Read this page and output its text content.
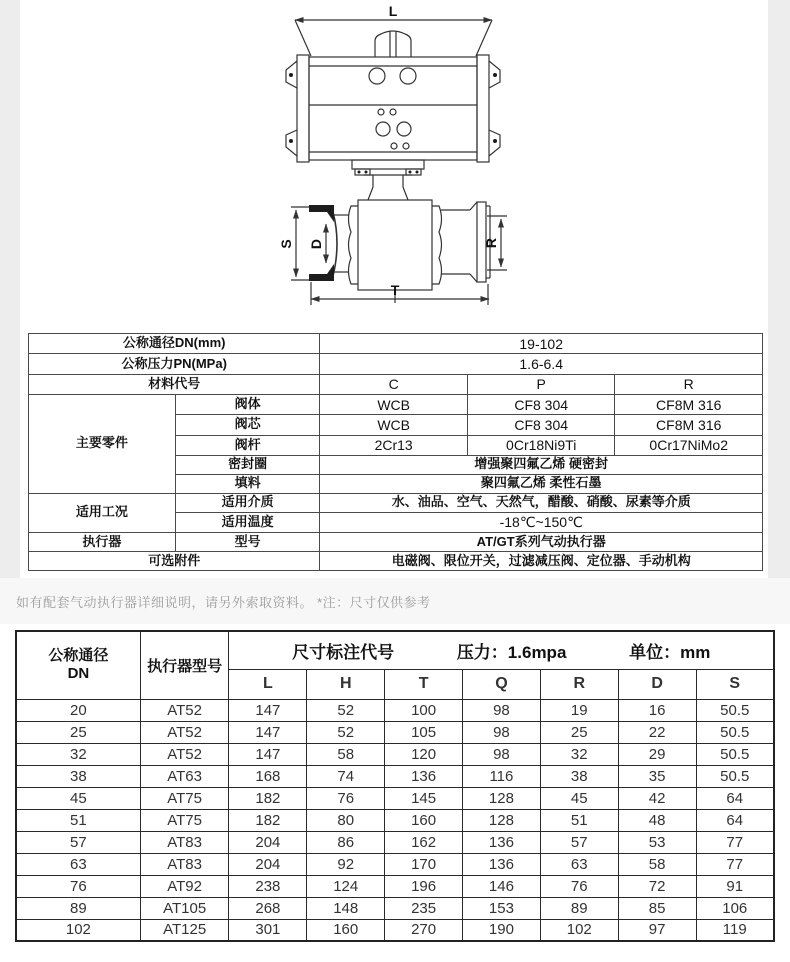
L
S D	R
T
公称通径DN(mm)		19-102		
公称压力PN(MPa)		1.6-6.4		
材料代号		C	P	R
主要零件	阀体	WCB	CF8 304	CF8M 316
	阀芯	WCB	CF8 304	CF8M 316
	阀杆	2Cr13	0Cr18Ni9Ti	0Cr17NiMo2
	密封圈	增强聚四氟乙烯 硬密封		
	填料	聚四氟乙烯 柔性石墨		
适用工况	适用介质	水、油品、空气、天然气，醋酸、硝酸、尿素等介质		
	适用温度	-18℃~150℃		
执行器	型号	AT/GT系列气动执行器		
可选附件		电磁阀、限位开关，过滤减压阀、定位器、手动机构		
如有配套气动执行器详细说明，请另外索取资料。 *注：尺寸仅供参考
公称通径
DN	执行器型号	尺寸标注代号 压力：1.6mpa 单位：mm						

		L	H	T	Q	R	D	S
20	AT52	147	52	100	98	19	16	50.5
25	AT52	147	52	105	98	25	22	50.5
32	AT52	147	58	120	98	32	29	50.5
38	AT63	168	74	136	116	38	35	50.5
45	AT75	182	76	145	128	45	42	64
51	AT75	182	80	160	128	51	48	64
57	AT83	204	86	162	136	57	53	77
63	AT83	204	92	170	136	63	58	77
76	AT92	238	124	196	146	76	72	91
89	AT105	268	148	235	153	89	85	106
102	AT125	301	160	270	190	102	97	119
